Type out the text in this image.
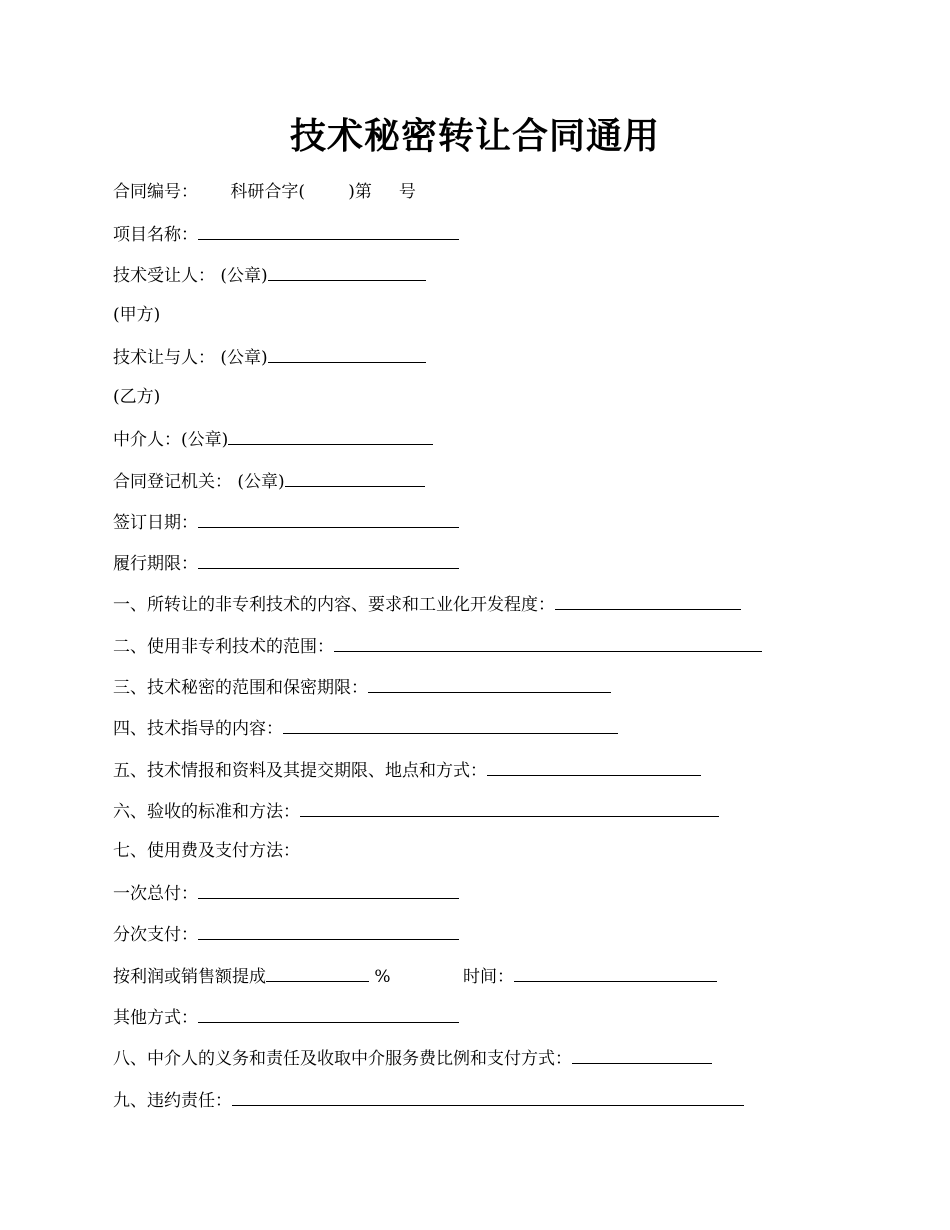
技术秘密转让合同通用
合同编号：      科研合字(        )第     号
项目名称：
技术受让人： (公章)
(甲方)
技术让与人： (公章)
(乙方)
中介人：(公章)
合同登记机关： (公章)
签订日期：
履行期限：
一、所转让的非专利技术的内容、要求和工业化开发程度：
二、使用非专利技术的范围：
三、技术秘密的范围和保密期限：
四、技术指导的内容：
五、技术情报和资料及其提交期限、地点和方式：
六、验收的标准和方法：
七、使用费及支付方法：
一次总付：
分次支付：
按利润或销售额提成	%	时间：
其他方式：
八、中介人的义务和责任及收取中介服务费比例和支付方式：
九、违约责任：
